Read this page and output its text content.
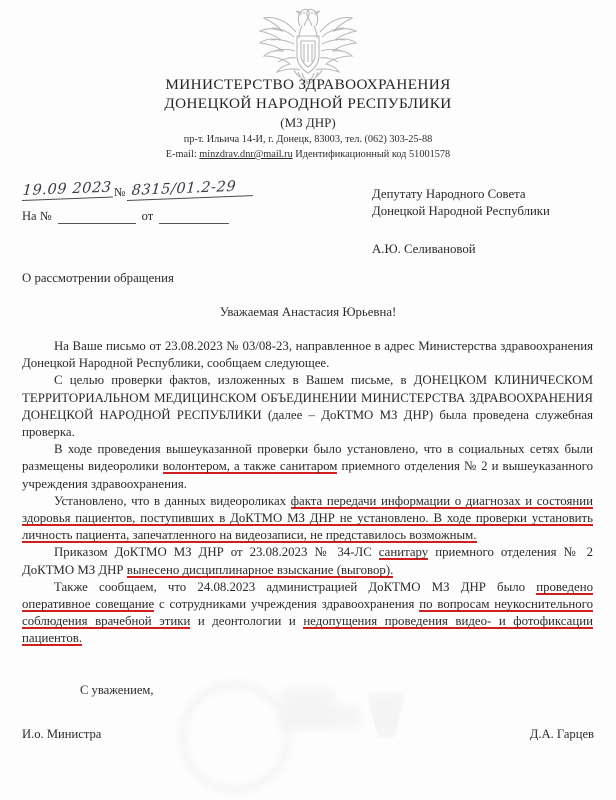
МИНИСТЕРСТВО ЗДРАВООХРАНЕНИЯ
ДОНЕЦКОЙ НАРОДНОЙ РЕСПУБЛИКИ
(МЗ ДНР)
пр-т. Ильича 14-И, г. Донецк, 83003, тел. (062) 303-25-88
E-mail: minzdrav.dnr@mail.ru Идентификационный код 51001578
19.09 2023 № 8315/01.2-29
На №	от
Депутату Народного Совета
Донецкой Народной Республики
А.Ю. Селивановой
О рассмотрении обращения
Уважаемая Анастасия Юрьевна!

На Ваше письмо от 23.08.2023 № 03/08-23, направленное в адрес Министерства здравоохранения Донецкой Народной Республики, сообщаем следующее.

С целью проверки фактов, изложенных в Вашем письме, в ДОНЕЦКОМ КЛИНИЧЕСКОМ ТЕРРИТОРИАЛЬНОМ МЕДИЦИНСКОМ ОБЪЕДИНЕНИИ МИНИСТЕРСТВА ЗДРАВООХРАНЕНИЯ ДОНЕЦКОЙ НАРОДНОЙ РЕСПУБЛИКИ (далее – ДоКТМО МЗ ДНР) была проведена служебная проверка.

В ходе проведения вышеуказанной проверки было установлено, что в социальных сетях были размещены видеоролики волонтером, а также санитаром приемного отделения № 2 и вышеуказанного учреждения здравоохранения.

Установлено, что в данных видеороликах факта передачи информации о диагнозах и состоянии здоровья пациентов, поступивших в ДоКТМО МЗ ДНР не установлено. В ходе проверки установить личность пациента, запечатленного на видеозаписи, не представилось возможным.

Приказом ДоКТМО МЗ ДНР от 23.08.2023 № 34-ЛС санитару приемного отделения № 2 ДоКТМО МЗ ДНР вынесено дисциплинарное взыскание (выговор).

Также сообщаем, что 24.08.2023 администрацией ДоКТМО МЗ ДНР было проведено оперативное совещание с сотрудниками учреждения здравоохранения по вопросам неукоснительного соблюдения врачебной этики и деонтологии и недопущения проведения видео- и фотофиксации пациентов.

С уважением,
И.о. Министра	Д.А. Гарцев
